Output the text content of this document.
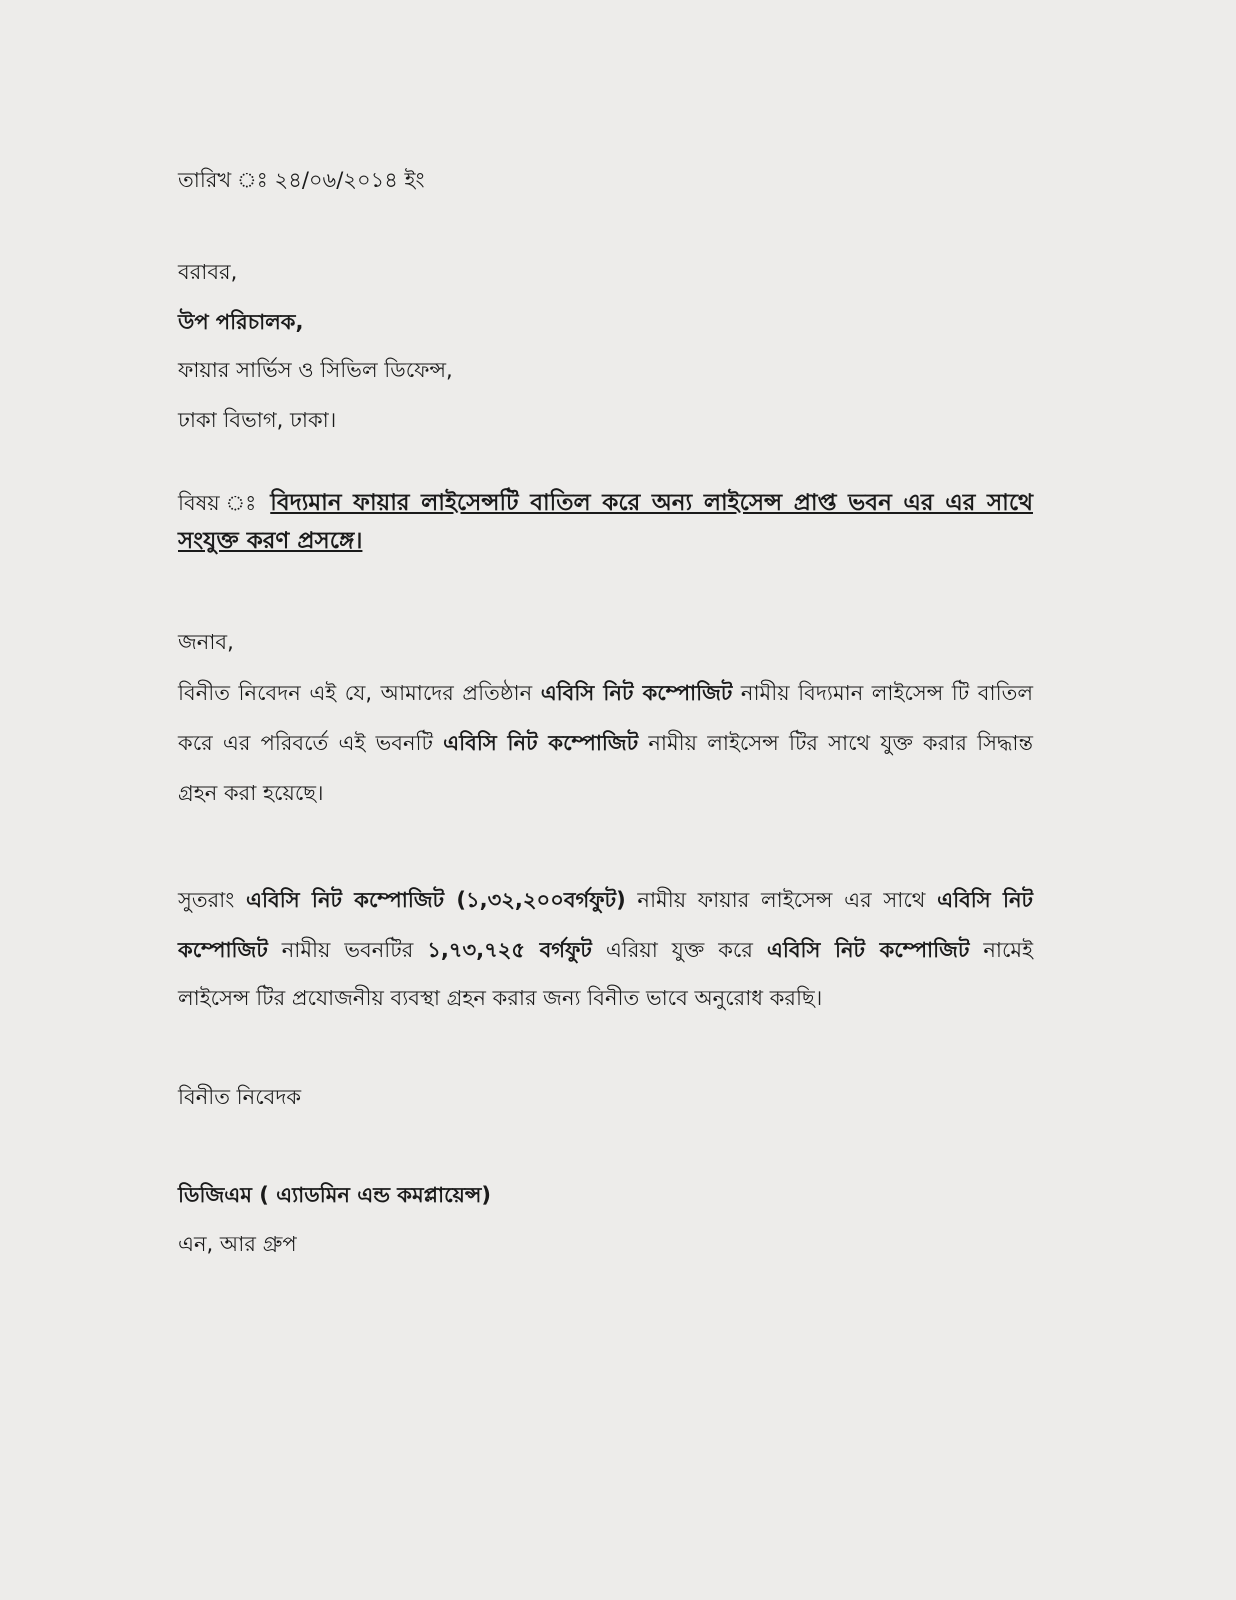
তারিখ ঃ ২৪/০৬/২০১৪ ইং
বরাবর,
উপ পরিচালক,
ফায়ার সার্ভিস ও সিভিল ডিফেন্স,
ঢাকা বিভাগ, ঢাকা।
বিষয় ঃ বিদ্যমান ফায়ার লাইসেন্সটি বাতিল করে অন্য লাইসেন্স প্রাপ্ত ভবন এর এর সাথে
সংযুক্ত করণ প্রসঙ্গে।
জনাব,
বিনীত নিবেদন এই যে, আমাদের প্রতিষ্ঠান এবিসি নিট কম্পোজিট নামীয় বিদ্যমান লাইসেন্স টি বাতিল
করে এর পরিবর্তে এই ভবনটি এবিসি নিট কম্পোজিট নামীয় লাইসেন্স টির সাথে যুক্ত করার সিদ্ধান্ত
গ্রহন করা হয়েছে।
সুতরাং এবিসি নিট কম্পোজিট (১,৩২,২০০বর্গফুট) নামীয় ফায়ার লাইসেন্স এর সাথে এবিসি নিট
কম্পোজিট নামীয় ভবনটির ১,৭৩,৭২৫ বর্গফুট এরিয়া যুক্ত করে এবিসি নিট কম্পোজিট নামেই
লাইসেন্স টির প্রযোজনীয় ব্যবস্থা গ্রহন করার জন্য বিনীত ভাবে অনুরোধ করছি।
বিনীত নিবেদক
ডিজিএম ( এ্যাডমিন এন্ড কমপ্লায়েন্স)
এন, আর গ্রুপ
